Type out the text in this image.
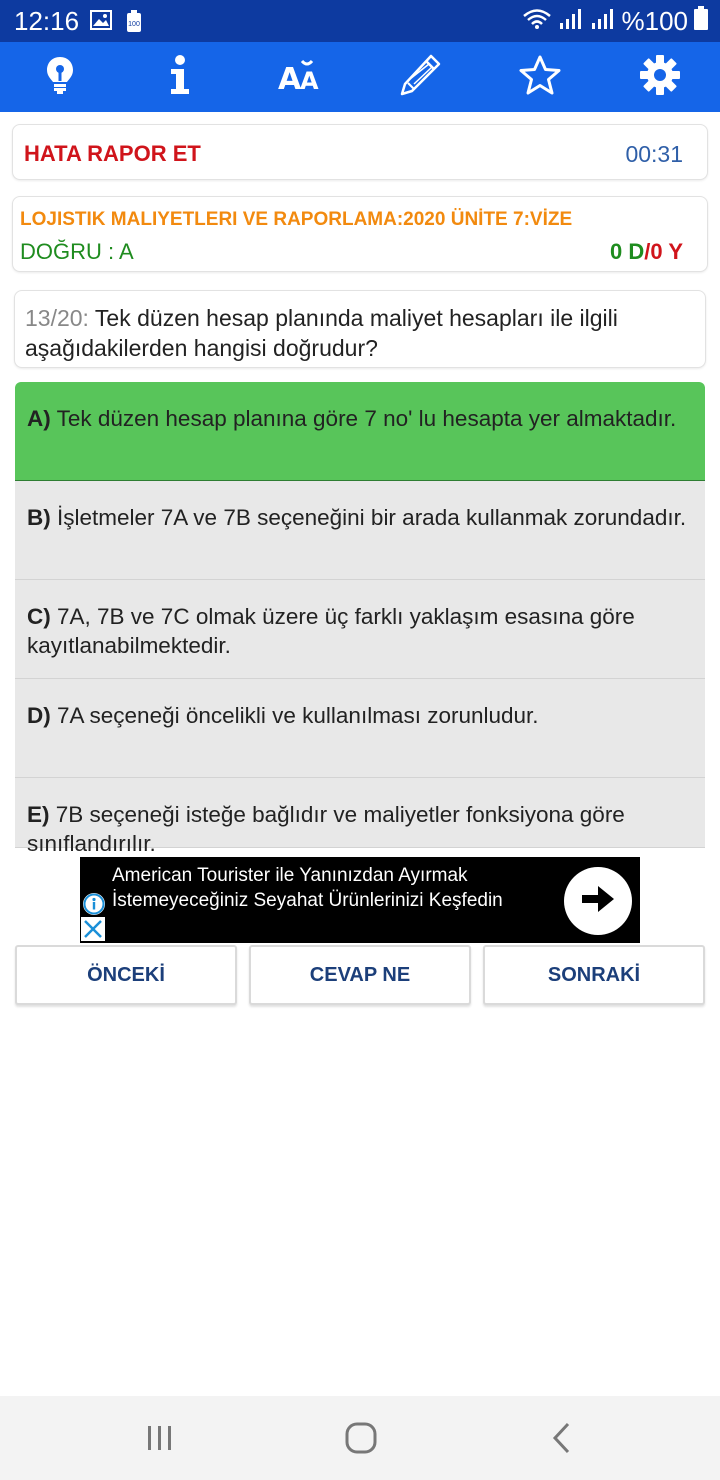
12:16	100	%100
A
A
HATA RAPOR ET	00:31
LOJISTIK MALIYETLERI VE RAPORLAMA:2020 ÜNİTE 7:VİZE
DOĞRU : A	0 D/0 Y
13/20: Tek düzen hesap planında maliyet hesapları ile ilgili aşağıdakilerden hangisi doğrudur?
A) Tek düzen hesap planına göre 7 no' lu hesapta yer almaktadır.
B) İşletmeler 7A ve 7B seçeneğini bir arada kullanmak zorundadır.
C) 7A, 7B ve 7C olmak üzere üç farklı yaklaşım esasına göre kayıtlanabilmektedir.
D) 7A seçeneği öncelikli ve kullanılması zorunludur.
E) 7B seçeneği isteğe bağlıdır ve maliyetler fonksiyona göre sınıflandırılır.
American Tourister ile Yanınızdan Ayırmak İstemeyeceğiniz Seyahat Ürünlerinizi Keşfedin
ÖNCEKİ	CEVAP NE	SONRAKİ
